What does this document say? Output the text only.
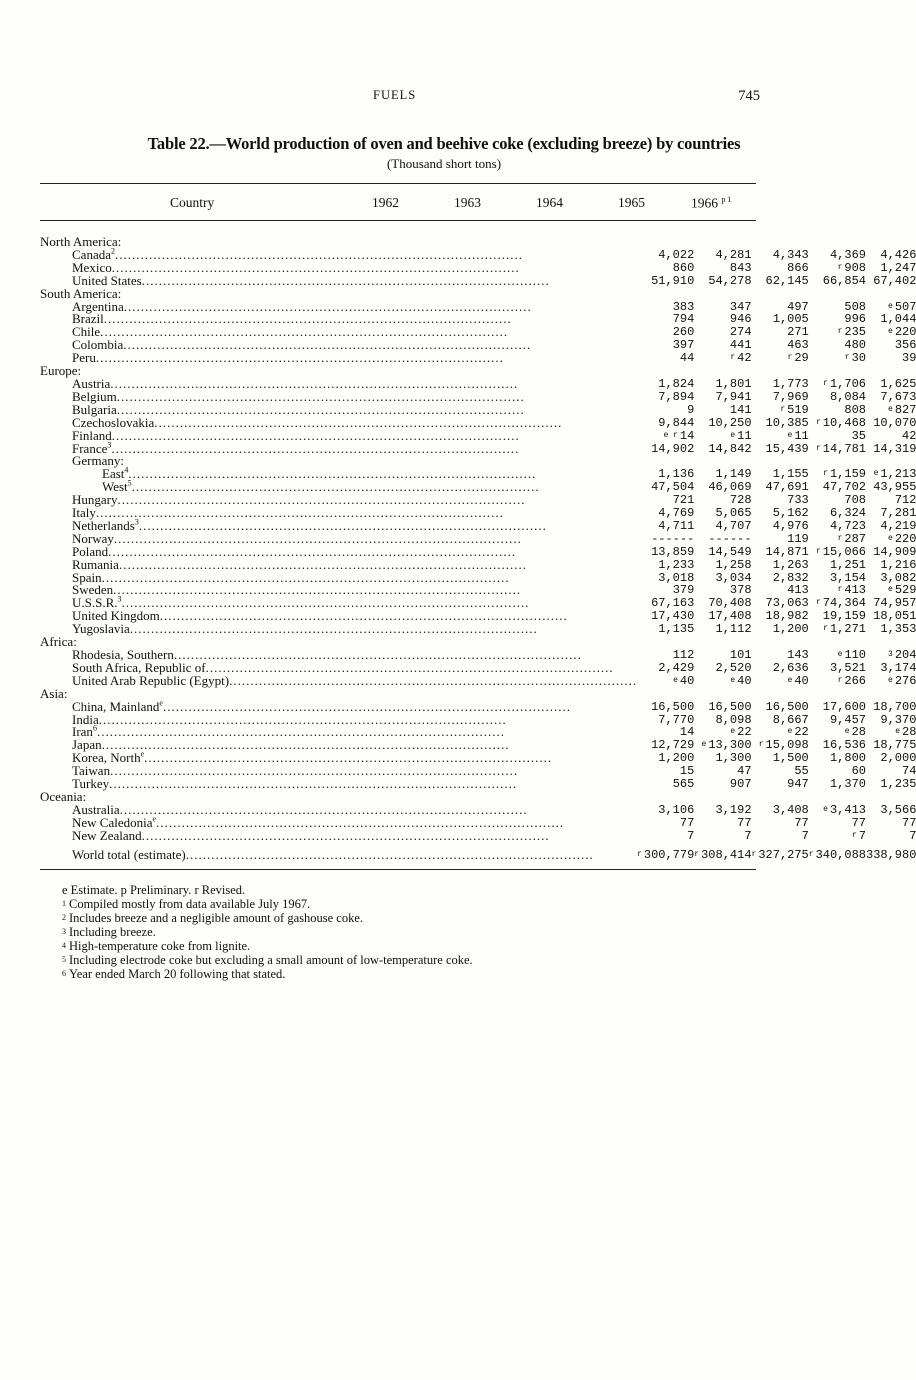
FUELS	745
Table 22.—World production of oven and beehive coke (excluding breeze) by countries
(Thousand short tons)
Country	1962	1963	1964	1965	1966 $^{p 1}$
North America:					
Canada$^2$.....	4,022	4,281	4,343	4,369	4,426
Mexico.....	860	843	866	r 908	1,247
United States.....	51,910	54,278	62,145	66,854	67,402
South America:					
Argentina.....	383	347	497	508	e 507
Brazil.....	794	946	1,005	996	1,044
Chile.....	260	274	271	r 235	e 220
Colombia.....	397	441	463	480	356
Peru.....	44	r 42	r 29	r 30	39
Europe:					
Austria.....	1,824	1,801	1,773	r 1,706	1,625
Belgium.....	7,894	7,941	7,969	8,084	7,673
Bulgaria.....	9	141	r 519	808	e 827
Czechoslovakia.....	9,844	10,250	10,385	r 10,468	10,070
Finland.....	e r 14	e 11	e 11	35	42
France$^3$.....	14,902	14,842	15,439	r 14,781	14,319
Germany:					
East$^4$.....	1,136	1,149	1,155	r 1,159	e 1,213
West$^5$.....	47,504	46,069	47,691	47,702	43,955
Hungary.....	721	728	733	708	712
Italy.....	4,769	5,065	5,162	6,324	7,281
Netherlands$^3$.....	4,711	4,707	4,976	4,723	4,219
Norway.....	------	------	119	r 287	e 220
Poland.....	13,859	14,549	14,871	r 15,066	14,909
Rumania.....	1,233	1,258	1,263	1,251	1,216
Spain.....	3,018	3,034	2,832	3,154	3,082
Sweden.....	379	378	413	r 413	e 529
U.S.S.R.$^3$.....	67,163	70,408	73,063	r 74,364	74,957
United Kingdom.....	17,430	17,408	18,982	19,159	18,051
Yugoslavia.....	1,135	1,112	1,200	r 1,271	1,353
Africa:					
Rhodesia, Southern.....	112	101	143	e 110	3 204
South Africa, Republic of.....	2,429	2,520	2,636	3,521	3,174
United Arab Republic (Egypt).....	e 40	e 40	e 40	r 266	e 276
Asia:					
China, Mainland$^e$.....	16,500	16,500	16,500	17,600	18,700
India.....	7,770	8,098	8,667	9,457	9,370
Iran$^6$.....	14	e 22	e 22	e 28	e 28
Japan.....	12,729	e 13,300	r 15,098	16,536	18,775
Korea, North$^e$.....	1,200	1,300	1,500	1,800	2,000
Taiwan.....	15	47	55	60	74
Turkey.....	565	907	947	1,370	1,235
Oceania:					
Australia.....	3,106	3,192	3,408	e 3,413	3,566
New Caledonia$^e$.....	77	77	77	77	77
New Zealand.....	7	7	7	r 7	7
World total (estimate).....	r 300,779	r 308,414	r 327,275	r 340,088	338,980
e Estimate. p Preliminary. r Revised.
1 Compiled mostly from data available July 1967.
2 Includes breeze and a negligible amount of gashouse coke.
3 Including breeze.
4 High-temperature coke from lignite.
5 Including electrode coke but excluding a small amount of low-temperature coke.
6 Year ended March 20 following that stated.
